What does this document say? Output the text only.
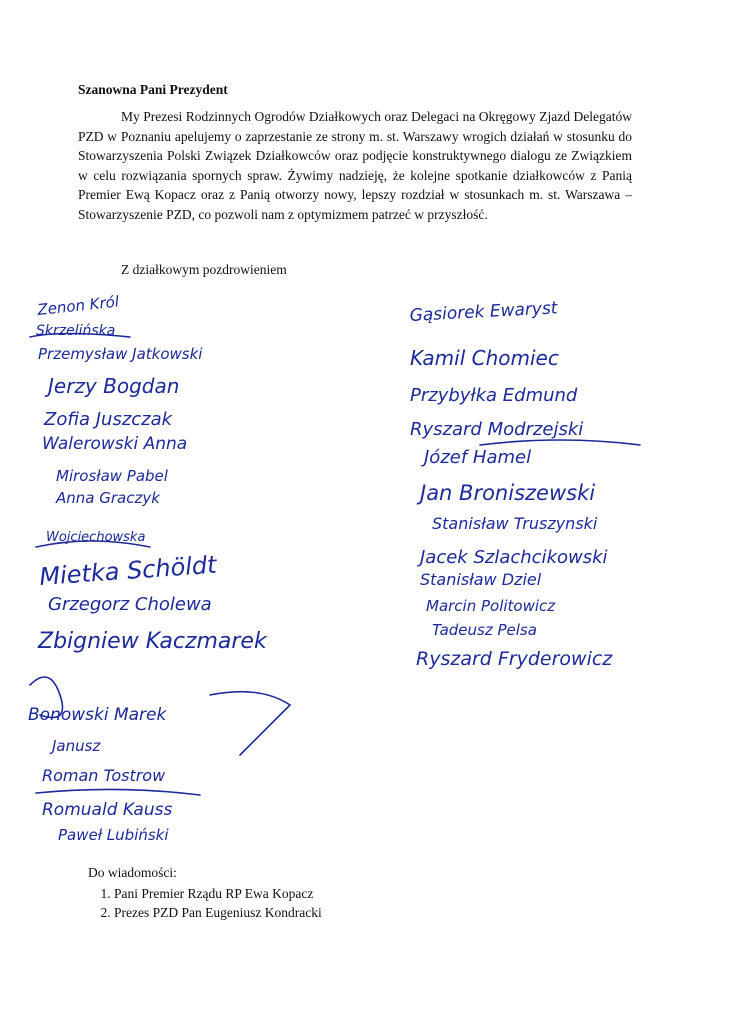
Szanowna Pani Prezydent

My Prezesi Rodzinnych Ogrodów Działkowych oraz Delegaci na Okręgowy Zjazd Delegatów PZD w Poznaniu apelujemy o zaprzestanie ze strony m. st. Warszawy wrogich działań w stosunku do Stowarzyszenia Polski Związek Działkowców oraz podjęcie konstruktywnego dialogu ze Związkiem w celu rozwiązania spornych spraw. Żywimy nadzieję, że kolejne spotkanie działkowców z Panią Premier Ewą Kopacz oraz z Panią otworzy nowy, lepszy rozdział w stosunkach m. st. Warszawa – Stowarzyszenie PZD, co pozwoli nam z optymizmem patrzeć w przyszłość.

Z działkowym pozdrowieniem
Zenon Król
Skrzelińska
Przemysław Jatkowski
Jerzy Bogdan
Zofia Juszczak
Walerowski Anna
Mirosław Pabel
Anna Graczyk
Wojciechowska
Mietka Schöldt
Grzegorz Cholewa
Zbigniew Kaczmarek
Bonowski Marek
Janusz
Roman Tostrow
Romuald Kauss
Paweł Lubiński
Gąsiorek Ewaryst
Kamil Chomiec
Przybyłka Edmund
Ryszard Modrzejski
Józef Hamel
Jan Broniszewski
Stanisław Truszynski
Jacek Szlachcikowski
Stanisław Dziel
Marcin Politowicz
Tadeusz Pelsa
Ryszard Fryderowicz
Do wiadomości:
1. Pani Premier Rządu RP Ewa Kopacz
2. Prezes PZD Pan Eugeniusz Kondracki
